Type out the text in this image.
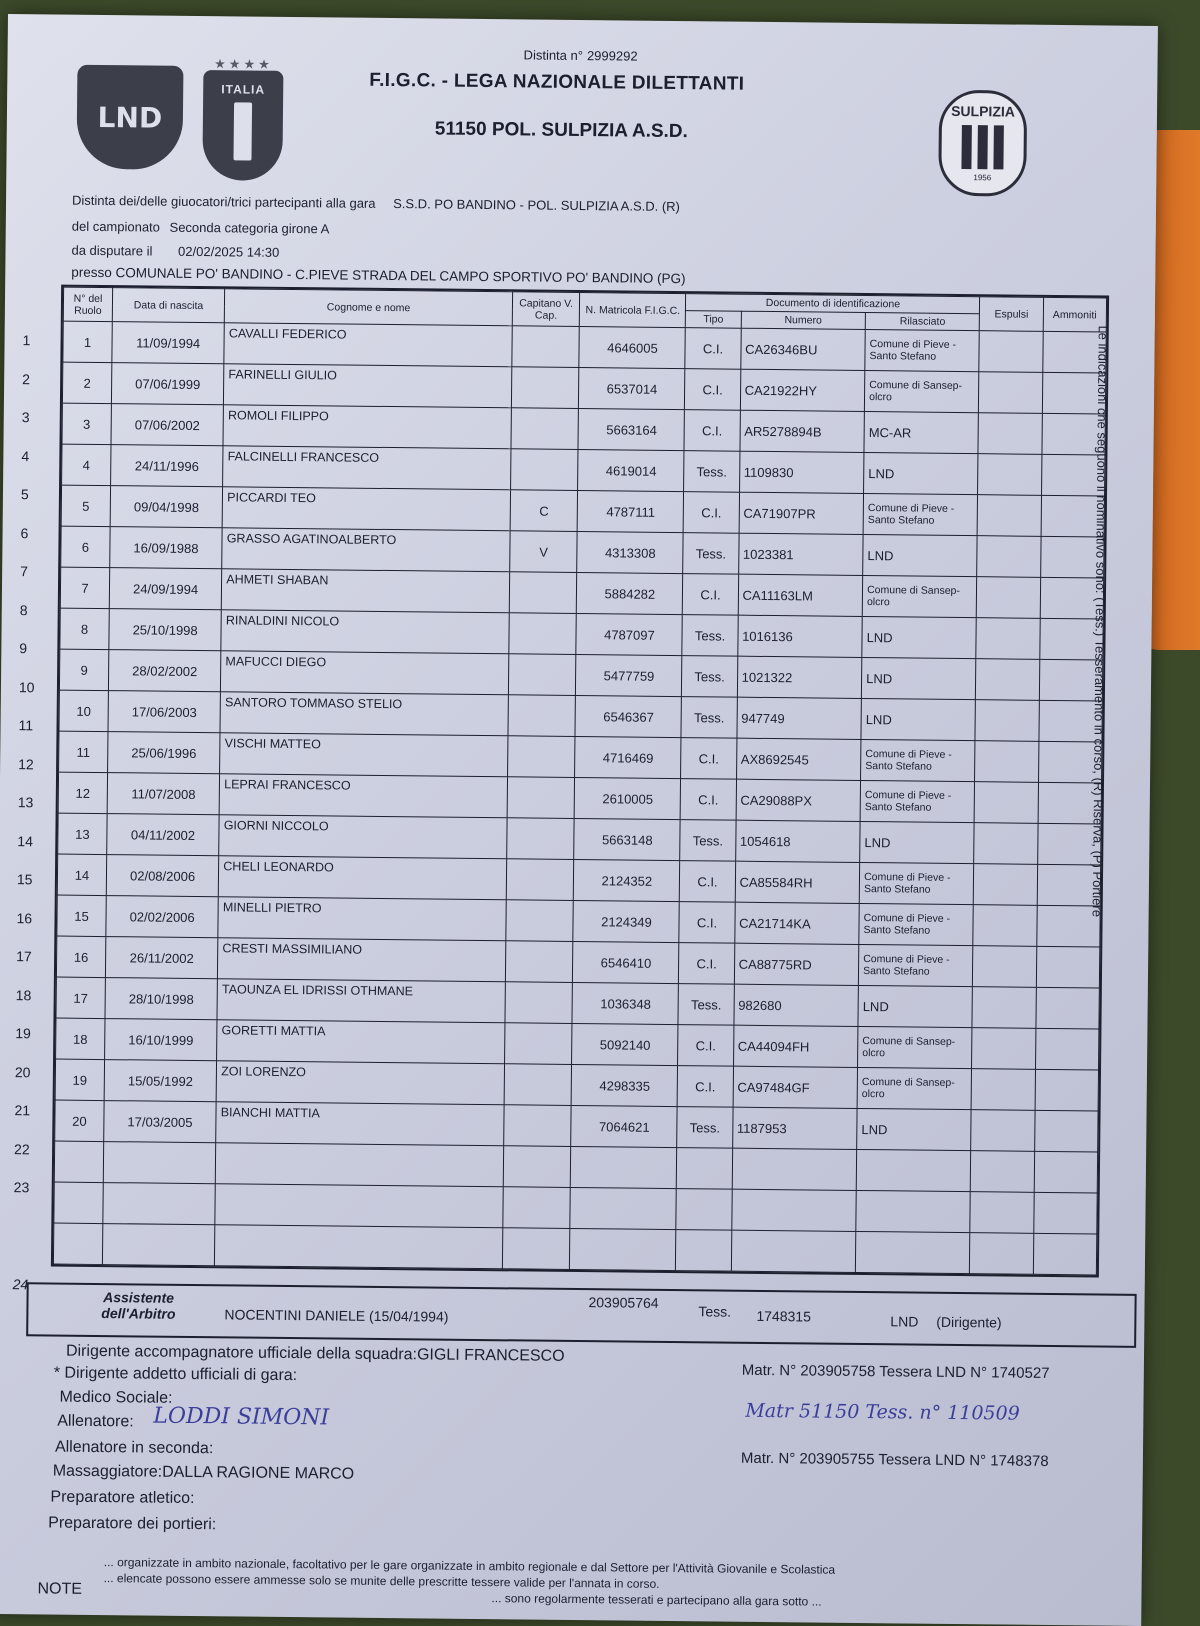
LND
★★★★
ITALIA
SULPIZIA
1956
Distinta n° 2999292
F.I.G.C. - LEGA NAZIONALE DILETTANTI
51150 POL. SULPIZIA A.S.D.
Distinta dei/delle giuocatori/trici partecipanti alla gara S.S.D. PO BANDINO - POL. SULPIZIA A.S.D. (R)
del campionato Seconda categoria girone A
da disputare il 02/02/2025 14:30
presso COMUNALE PO' BANDINO - C.PIEVE STRADA DEL CAMPO SPORTIVO PO' BANDINO (PG)
N° del Ruolo	Data di nascita	Cognome e nome	Capitano V. Cap.	N. Matricola F.I.G.C.	Documento di identificazione			Espulsi	Ammoniti
					Tipo	Numero	Rilasciato		
1	11/09/1994	CAVALLI FEDERICO		4646005	C.I.	CA26346BU	Comune di Pieve - Santo Stefano		
2	07/06/1999	FARINELLI GIULIO		6537014	C.I.	CA21922HY	Comune di Sansep- olcro		
3	07/06/2002	ROMOLI FILIPPO		5663164	C.I.	AR5278894B	MC-AR		
4	24/11/1996	FALCINELLI FRANCESCO		4619014	Tess.	1109830	LND		
5	09/04/1998	PICCARDI TEO	C	4787111	C.I.	CA71907PR	Comune di Pieve - Santo Stefano		
6	16/09/1988	GRASSO AGATINOALBERTO	V	4313308	Tess.	1023381	LND		
7	24/09/1994	AHMETI SHABAN		5884282	C.I.	CA11163LM	Comune di Sansep- olcro		
8	25/10/1998	RINALDINI NICOLO		4787097	Tess.	1016136	LND		
9	28/02/2002	MAFUCCI DIEGO		5477759	Tess.	1021322	LND		
10	17/06/2003	SANTORO TOMMASO STELIO		6546367	Tess.	947749	LND		
11	25/06/1996	VISCHI MATTEO		4716469	C.I.	AX8692545	Comune di Pieve - Santo Stefano		
12	11/07/2008	LEPRAI FRANCESCO		2610005	C.I.	CA29088PX	Comune di Pieve - Santo Stefano		
13	04/11/2002	GIORNI NICCOLO		5663148	Tess.	1054618	LND		
14	02/08/2006	CHELI LEONARDO		2124352	C.I.	CA85584RH	Comune di Pieve - Santo Stefano		
15	02/02/2006	MINELLI PIETRO		2124349	C.I.	CA21714KA	Comune di Pieve - Santo Stefano		
16	26/11/2002	CRESTI MASSIMILIANO		6546410	C.I.	CA88775RD	Comune di Pieve - Santo Stefano		
17	28/10/1998	TAOUNZA EL IDRISSI OTHMANE		1036348	Tess.	982680	LND		
18	16/10/1999	GORETTI MATTIA		5092140	C.I.	CA44094FH	Comune di Sansep- olcro		
19	15/05/1992	ZOI LORENZO		4298335	C.I.	CA97484GF	Comune di Sansep- olcro		
20	17/03/2005	BIANCHI MATTIA		7064621	Tess.	1187953	LND		

1
2
3
4
5
6
7
8
9
10
11
12
13
14
15
16
17
18
19
20
21
22
23
24
Le indicazioni che seguono il nominativo sono: (Tess.) Tesseramento in corso, (R) Riserva, (P) Portiere
Assistente dell'Arbitro	NOCENTINI DANIELE (15/04/1994)
203905764
Tess. 1748315	LND (Dirigente)
Dirigente accompagnatore ufficiale della squadra:GIGLI FRANCESCO
Matr. N° 203905758 Tessera LND N° 1740527
* Dirigente addetto ufficiali di gara:
Medico Sociale:
Allenatore: LODDI SIMONI	Matr 51150 Tess. n° 110509
Allenatore in seconda:
Massaggiatore:DALLA RAGIONE MARCO
Matr. N° 203905755 Tessera LND N° 1748378
Preparatore atletico:
Preparatore dei portieri:
NOTE
... organizzate in ambito nazionale, facoltativo per le gare organizzate in ambito regionale e dal Settore per l'Attività Giovanile e Scolastica
... elencate possono essere ammesse solo se munite delle prescritte tessere valide per l'annata in corso.
... sono regolarmente tesserati e partecipano alla gara sotto ...
